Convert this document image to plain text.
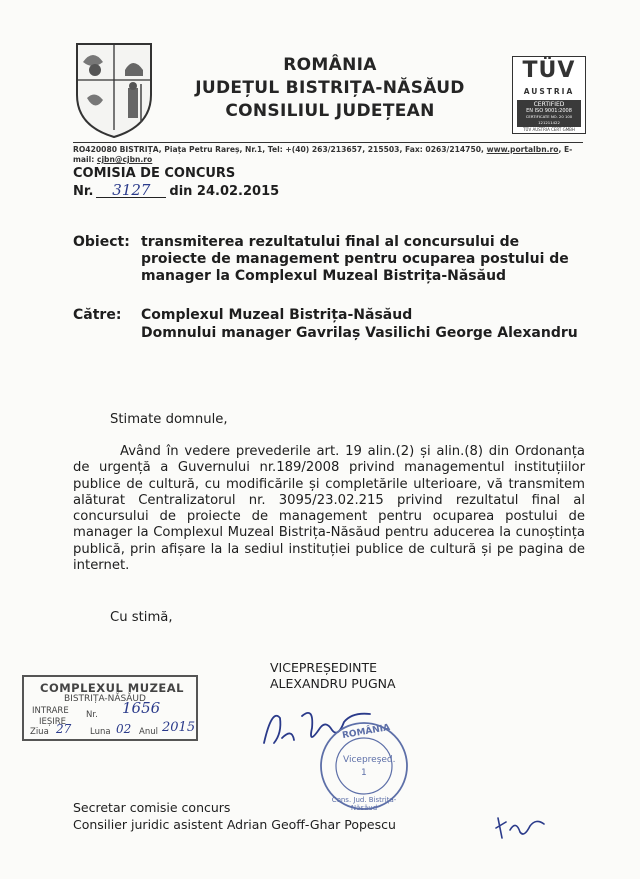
ROMÂNIA
JUDEȚUL BISTRIȚA-NĂSĂUD
CONSILIUL JUDEȚEAN
TÜV
AUSTRIA
CERTIFIED
EN ISO 9001:2008
CERTIFICATE NO. 20 100 121211422
TÜV AUSTRIA CERT GMBH
RO420080 BISTRIȚA, Piața Petru Rareș, Nr.1, Tel: +(40) 263/213657, 215503, Fax: 0263/214750, www.portalbn.ro, E-mail: cjbn@cjbn.ro
COMISIA DE CONCURS
Nr. 3127 din 24.02.2015
Obiect: transmiterea rezultatului final al concursului de proiecte de management pentru ocuparea postului de manager la Complexul Muzeal Bistrița-Năsăud
Către: Complexul Muzeal Bistrița-Năsăud
Domnului manager Gavrilaș Vasilichi George Alexandru
Stimate domnule,
Având în vedere prevederile art. 19 alin.(2) și alin.(8) din Ordonanța de urgență a Guvernului nr.189/2008 privind managementul instituțiilor publice de cultură, cu modificările și completările ulterioare, vă transmitem alăturat Centralizatorul nr. 3095/23.02.215 privind rezultatul final al concursului de proiecte de management pentru ocuparea postului de manager la Complexul Muzeal Bistrița-Năsăud pentru aducerea la cunoștința publică, prin afișare la la sediul instituției publice de cultură și pe pagina de internet.
Cu stimă,
VICEPREȘEDINTE
ALEXANDRU PUGNA
COMPLEXUL MUZEAL
BISTRIȚA-NĂSĂUD
INTRARE
IEȘIRE
Nr. 1656
Ziua 27 Luna 02 Anul 2015	ROMÂNIA
Vicepreşed.
1
Cons. Jud. Bistrița-Năsăud
Secretar comisie concurs
Consilier juridic asistent Adrian Geoff-Ghar Popescu
